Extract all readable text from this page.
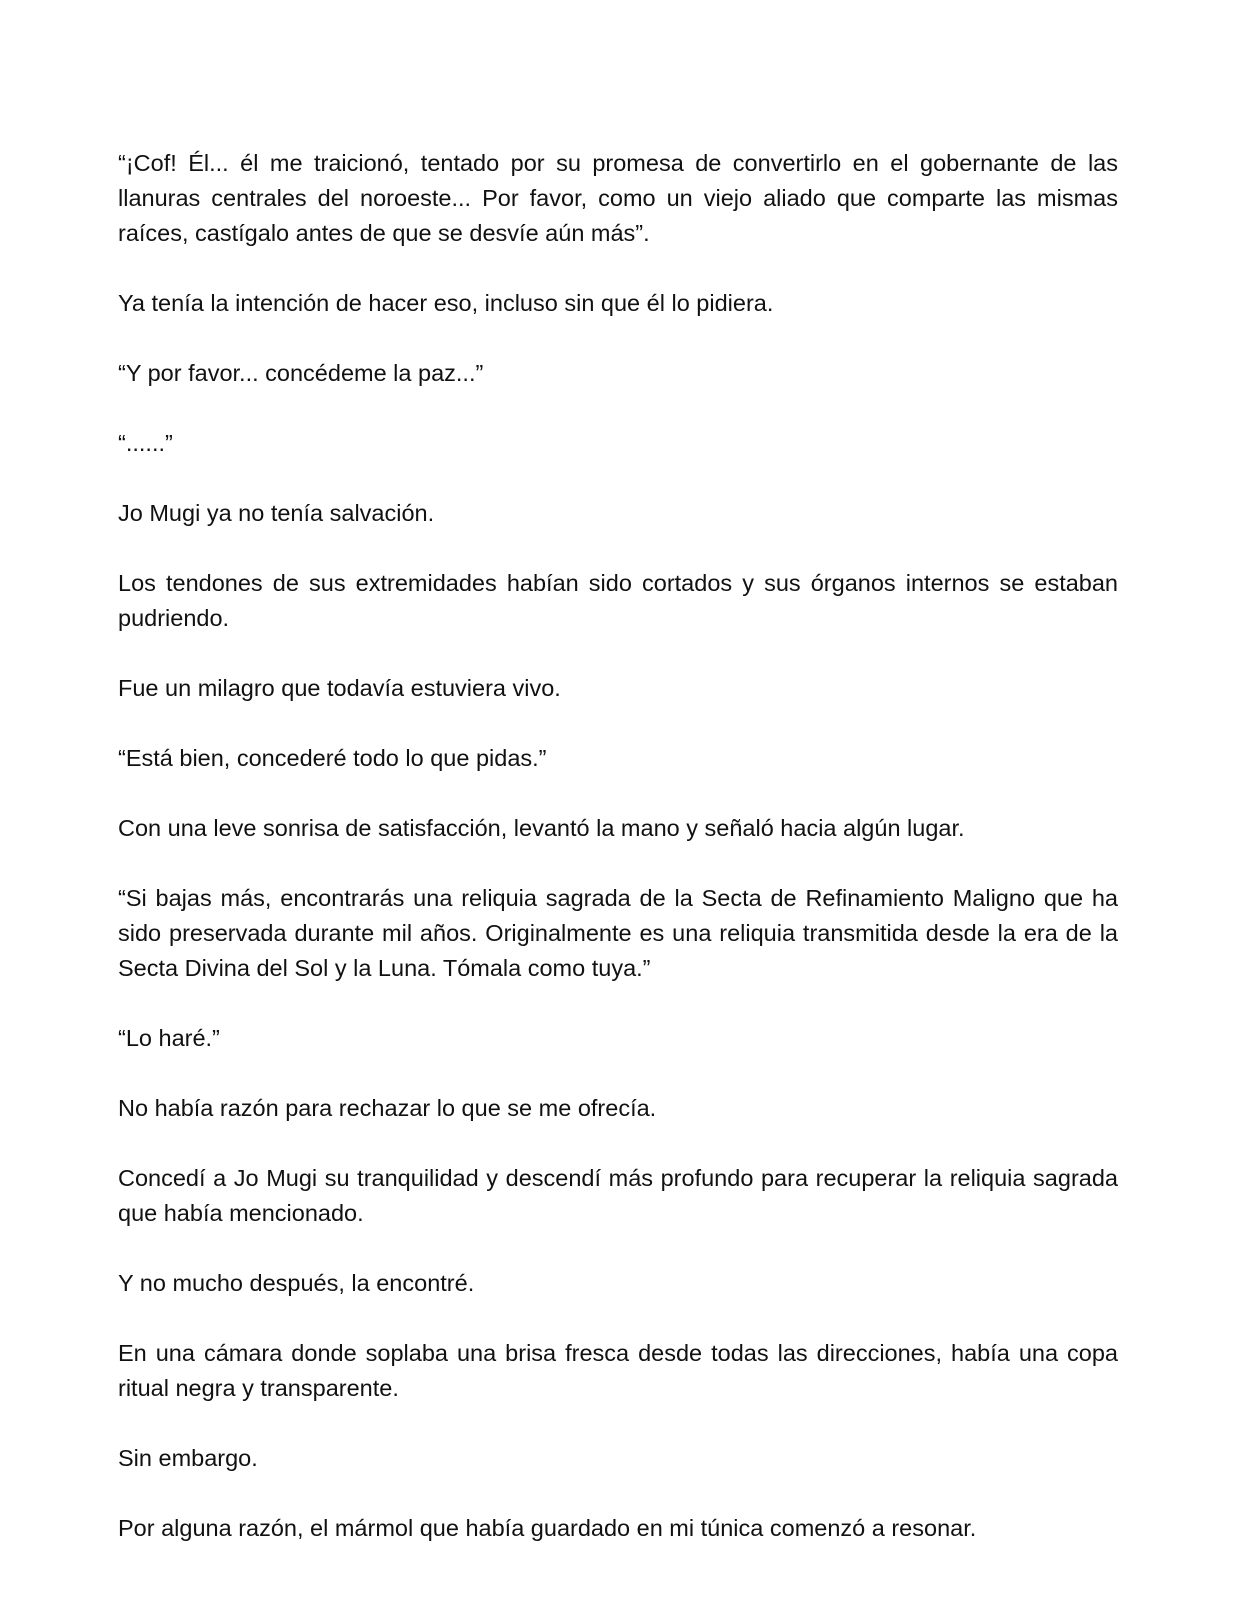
“¡Cof! Él... él me traicionó, tentado por su promesa de convertirlo en el gobernante de las llanuras centrales del noroeste... Por favor, como un viejo aliado que comparte las mismas raíces, castígalo antes de que se desvíe aún más”.

Ya tenía la intención de hacer eso, incluso sin que él lo pidiera.

“Y por favor... concédeme la paz...”

“......”

Jo Mugi ya no tenía salvación.

Los tendones de sus extremidades habían sido cortados y sus órganos internos se estaban pudriendo.

Fue un milagro que todavía estuviera vivo.

“Está bien, concederé todo lo que pidas.”

Con una leve sonrisa de satisfacción, levantó la mano y señaló hacia algún lugar.

“Si bajas más, encontrarás una reliquia sagrada de la Secta de Refinamiento Maligno que ha sido preservada durante mil años. Originalmente es una reliquia transmitida desde la era de la Secta Divina del Sol y la Luna. Tómala como tuya.”

“Lo haré.”

No había razón para rechazar lo que se me ofrecía.

Concedí a Jo Mugi su tranquilidad y descendí más profundo para recuperar la reliquia sagrada que había mencionado.

Y no mucho después, la encontré.

En una cámara donde soplaba una brisa fresca desde todas las direcciones, había una copa ritual negra y transparente.

Sin embargo.

Por alguna razón, el mármol que había guardado en mi túnica comenzó a resonar.
